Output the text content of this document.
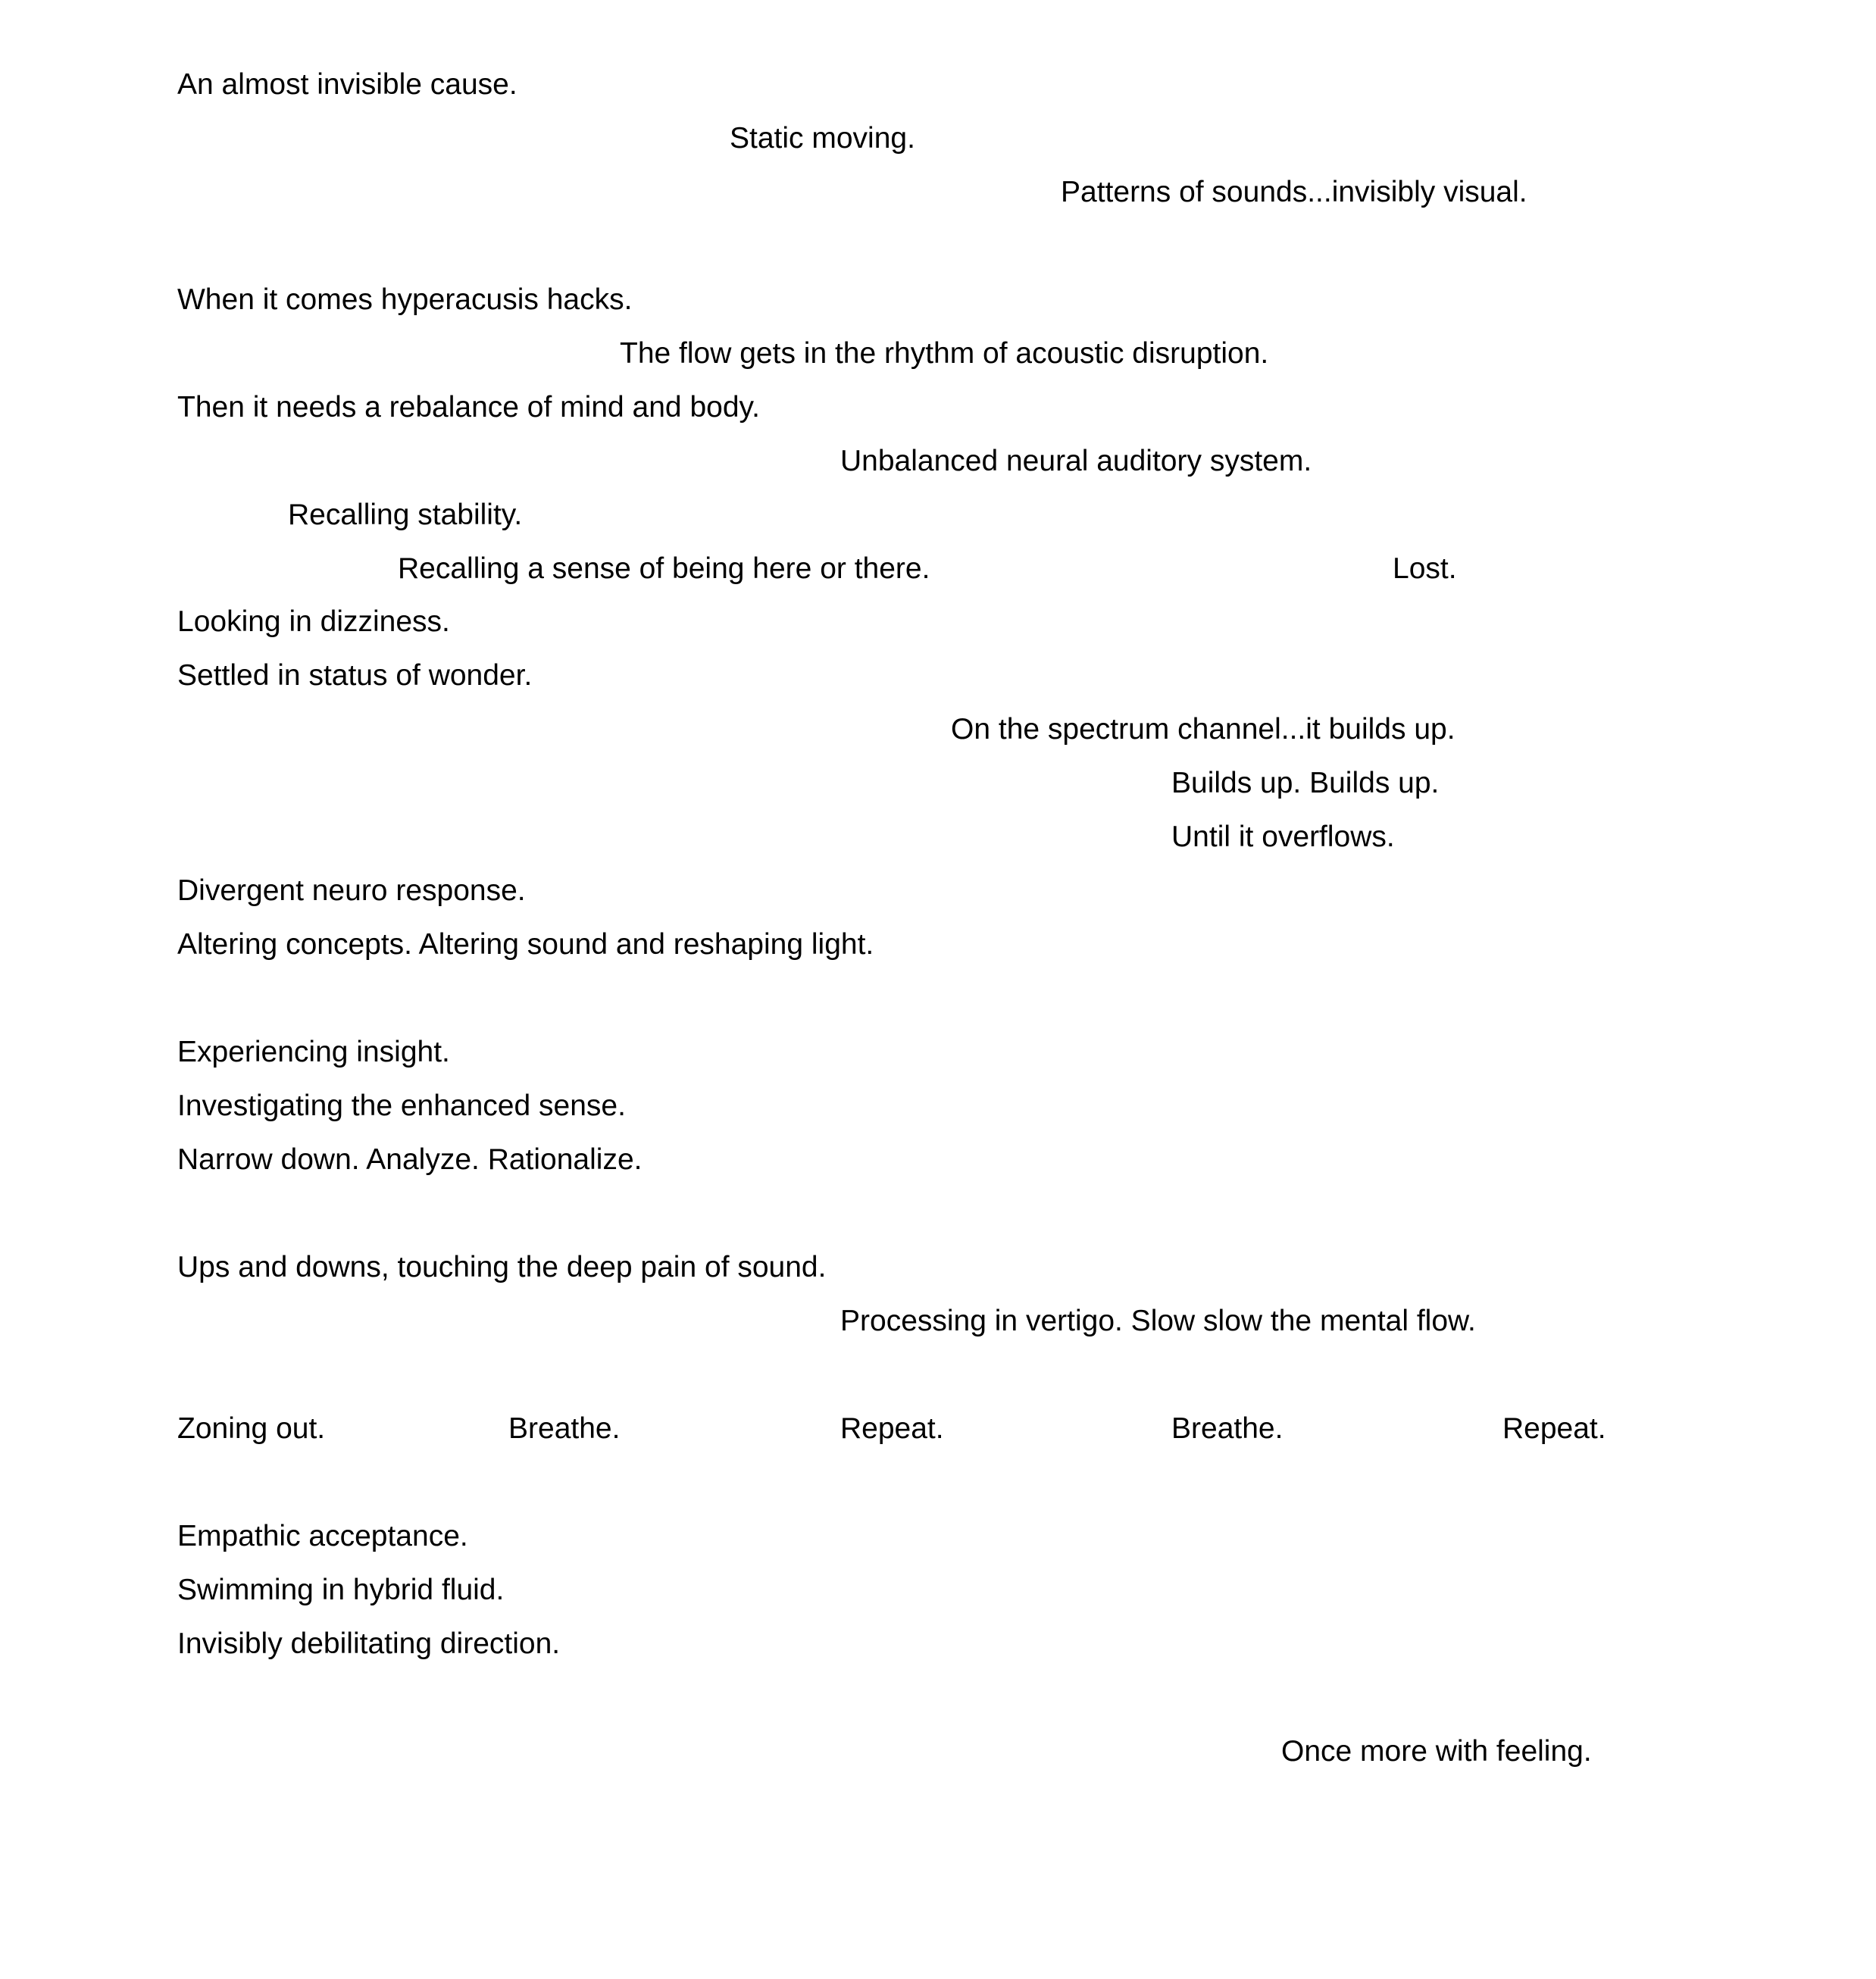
An almost invisible cause.
Static moving.
Patterns of sounds...invisibly visual.
When it comes hyperacusis hacks.
The flow gets in the rhythm of acoustic disruption.
Then it needs a rebalance of mind and body.
Unbalanced neural auditory system.
Recalling stability.
Recalling a sense of being here or there.	Lost.
Looking in dizziness.
Settled in status of wonder.
On the spectrum channel...it builds up.
Builds up. Builds up.
Until it overflows.
Divergent neuro response.
Altering concepts. Altering sound and reshaping light.
Experiencing insight.
Investigating the enhanced sense.
Narrow down. Analyze. Rationalize.
Ups and downs, touching the deep pain of sound.
Processing in vertigo. Slow slow the mental flow.
Zoning out.	Breathe.	Repeat.	Breathe.	Repeat.
Empathic acceptance.
Swimming in hybrid fluid.
Invisibly debilitating direction.
Once more with feeling.
